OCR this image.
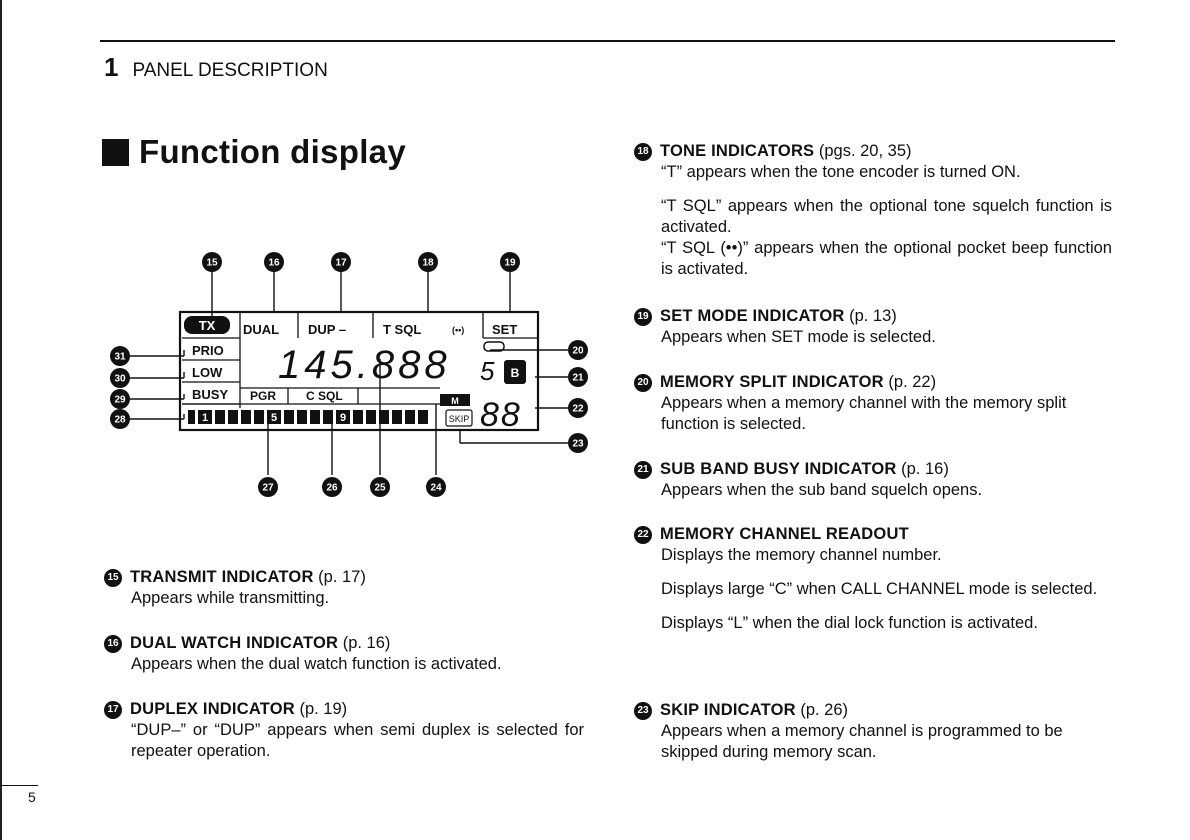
1 PANEL DESCRIPTION
Function display
TX DUAL DUP –	T SQL	(••) SET
PRIO
LOW
BUSY PGR C SQL
145.888 5 B
M
SKIP 88
1	5	9
15	16	17	18	19
27	26	25	24
31
30
29
28
20
21
22
23
15 TRANSMIT INDICATOR (p. 17)

Appears while transmitting.

16 DUAL WATCH INDICATOR (p. 16)

Appears when the dual watch function is activated.

17 DUPLEX INDICATOR (p. 19)

“DUP–” or “DUP” appears when semi duplex is selected for repeater operation.

18 TONE INDICATORS (pgs. 20, 35)

“T” appears when the tone encoder is turned ON.

“T SQL” appears when the optional tone squelch function is activated.

“T SQL (••)” appears when the optional pocket beep function is activated.

19 SET MODE INDICATOR (p. 13)

Appears when SET mode is selected.

20 MEMORY SPLIT INDICATOR (p. 22)

Appears when a memory channel with the memory split function is selected.

21 SUB BAND BUSY INDICATOR (p. 16)

Appears when the sub band squelch opens.

22 MEMORY CHANNEL READOUT

Displays the memory channel number.

Displays large “C” when CALL CHANNEL mode is selected.

Displays “L” when the dial lock function is activated.

23 SKIP INDICATOR (p. 26)

Appears when a memory channel is programmed to be skipped during memory scan.

5
